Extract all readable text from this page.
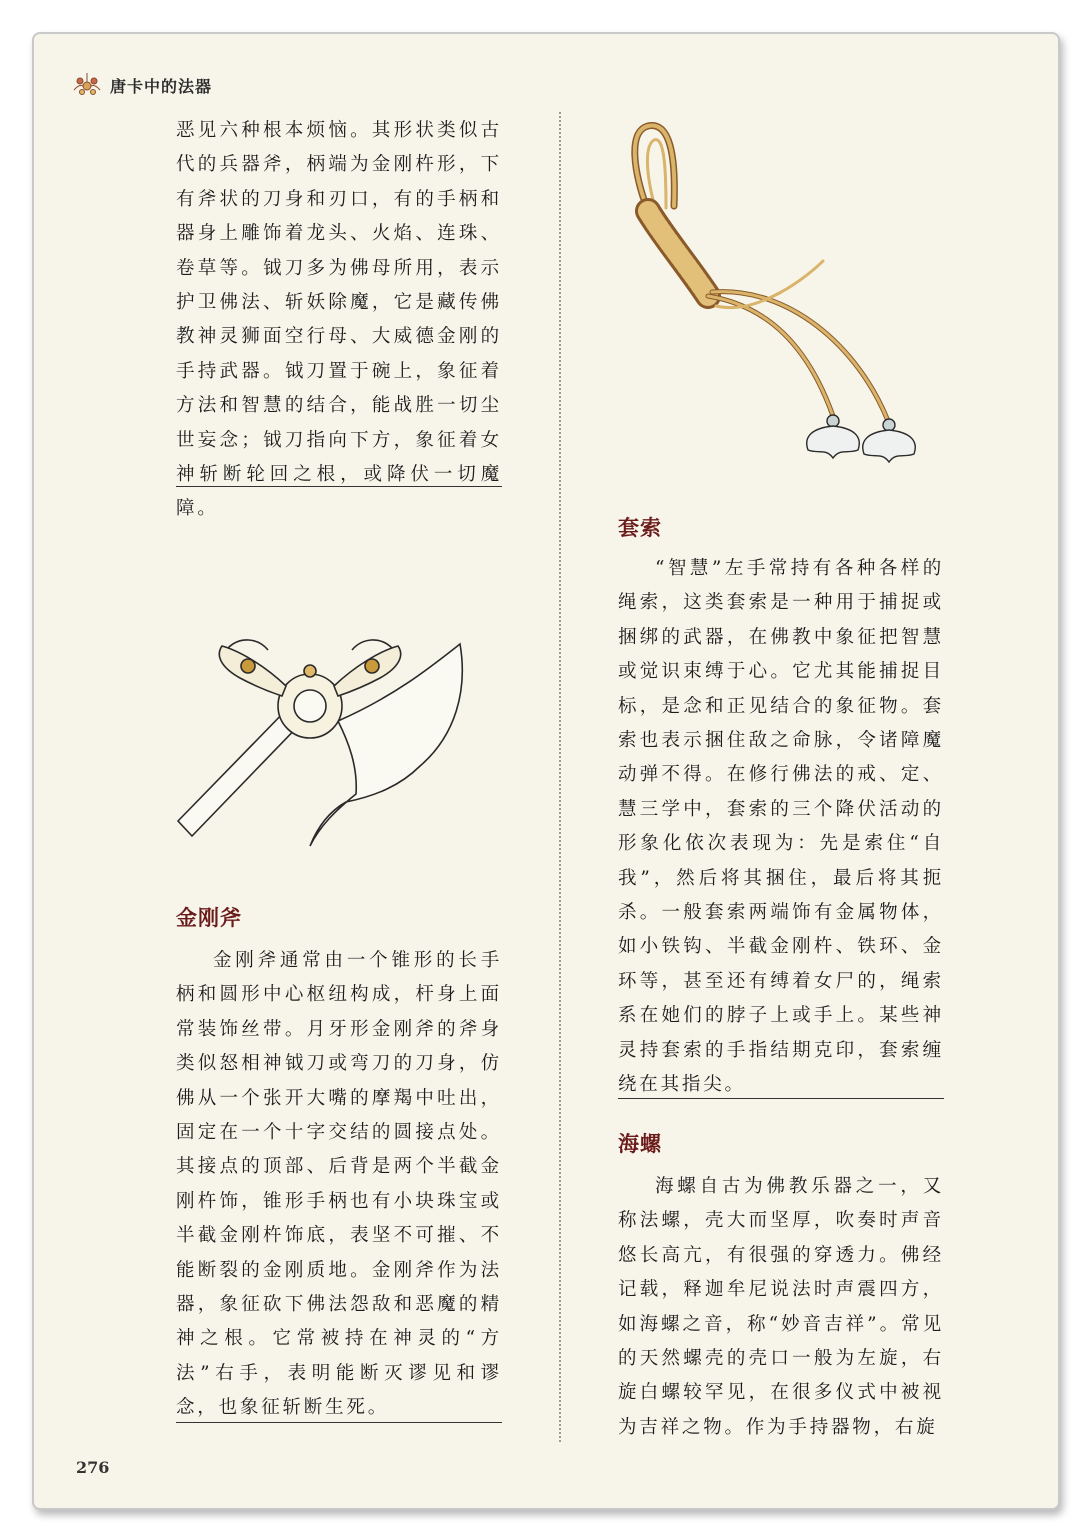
唐卡中的法器

恶见六种根本烦恼。其形状类似古代的兵器斧，柄端为金刚杵形，下有斧状的刀身和刃口，有的手柄和器身上雕饰着龙头、火焰、连珠、卷草等。钺刀多为佛母所用，表示护卫佛法、斩妖除魔，它是藏传佛教神灵狮面空行母、大威德金刚的手持武器。钺刀置于碗上，象征着方法和智慧的结合，能战胜一切尘世妄念；钺刀指向下方，象征着女神斩断轮回之根，或降伏一切魔障。

金刚斧

金刚斧通常由一个锥形的长手柄和圆形中心枢纽构成，杆身上面常装饰丝带。月牙形金刚斧的斧身类似怒相神钺刀或弯刀的刀身，仿佛从一个张开大嘴的摩羯中吐出，固定在一个十字交结的圆接点处。其接点的顶部、后背是两个半截金刚杵饰，锥形手柄也有小块珠宝或半截金刚杵饰底，表坚不可摧、不能断裂的金刚质地。金刚斧作为法器，象征砍下佛法怨敌和恶魔的精神之根。它常被持在神灵的“方法”右手，表明能断灭谬见和谬念，也象征斩断生死。

套索

“智慧”左手常持有各种各样的绳索，这类套索是一种用于捕捉或捆绑的武器，在佛教中象征把智慧或觉识束缚于心。它尤其能捕捉目标，是念和正见结合的象征物。套索也表示捆住敌之命脉，令诸障魔动弹不得。在修行佛法的戒、定、慧三学中，套索的三个降伏活动的形象化依次表现为：先是索住“自我”，然后将其捆住，最后将其扼杀。一般套索两端饰有金属物体，如小铁钩、半截金刚杵、铁环、金环等，甚至还有缚着女尸的，绳索系在她们的脖子上或手上。某些神灵持套索的手指结期克印，套索缠绕在其指尖。

海螺

海螺自古为佛教乐器之一，又称法螺，壳大而坚厚，吹奏时声音悠长高亢，有很强的穿透力。佛经记载，释迦牟尼说法时声震四方，如海螺之音，称“妙音吉祥”。常见的天然螺壳的壳口一般为左旋，右旋白螺较罕见，在很多仪式中被视为吉祥之物。作为手持器物，右旋

276
